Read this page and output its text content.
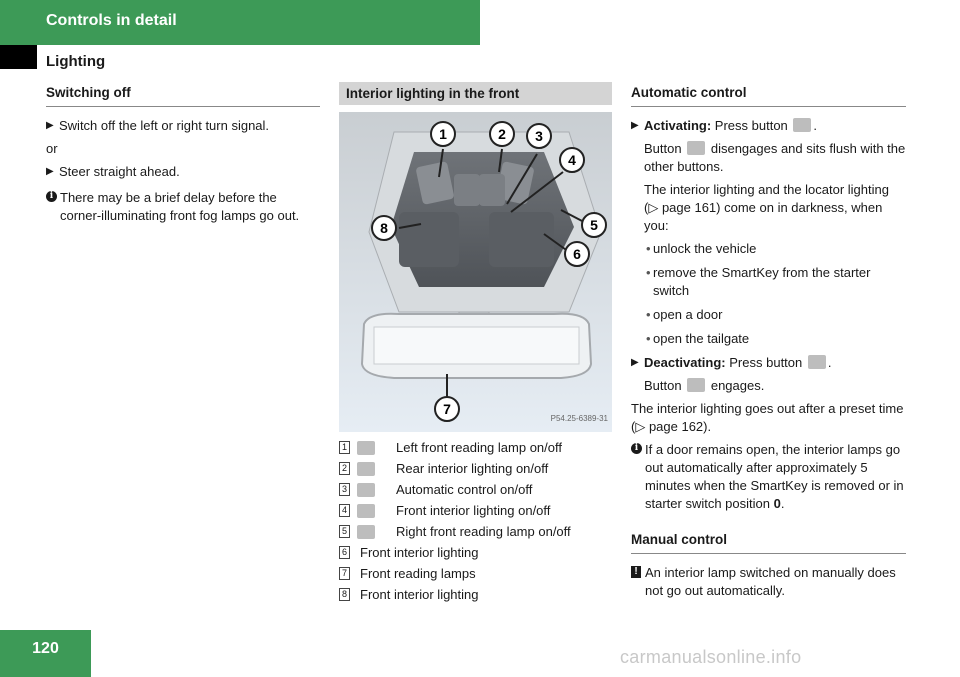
Controls in detail
Lighting
Switching off
▶ Switch off the left or right turn signal.
or
▶ Steer straight ahead.
i There may be a brief delay before the corner-illuminating front fog lamps go out.
Interior lighting in the front
1	2 3
4
5
6
7
8
P54.25-6389-31
1	Left front reading lamp on/off
2	Rear interior lighting on/off
3	Automatic control on/off
4	Front interior lighting on/off
5	Right front reading lamp on/off
6 Front interior lighting
7 Front reading lamps
8 Front interior lighting
Automatic control
▶ Activating: Press button .
Button disengages and sits flush with the other buttons.
The interior lighting and the locator lighting (▷ page 161) come on in darkness, when you:
• unlock the vehicle
• remove the SmartKey from the starter switch
• open a door
• open the tailgate
▶ Deactivating: Press button .
Button engages.
The interior lighting goes out after a preset time (▷ page 162).
i If a door remains open, the interior lamps go out automatically after approximately 5 minutes when the SmartKey is removed or in starter switch position 0.
Manual control
! An interior lamp switched on manually does not go out automatically.
120	carmanualsonline.info
